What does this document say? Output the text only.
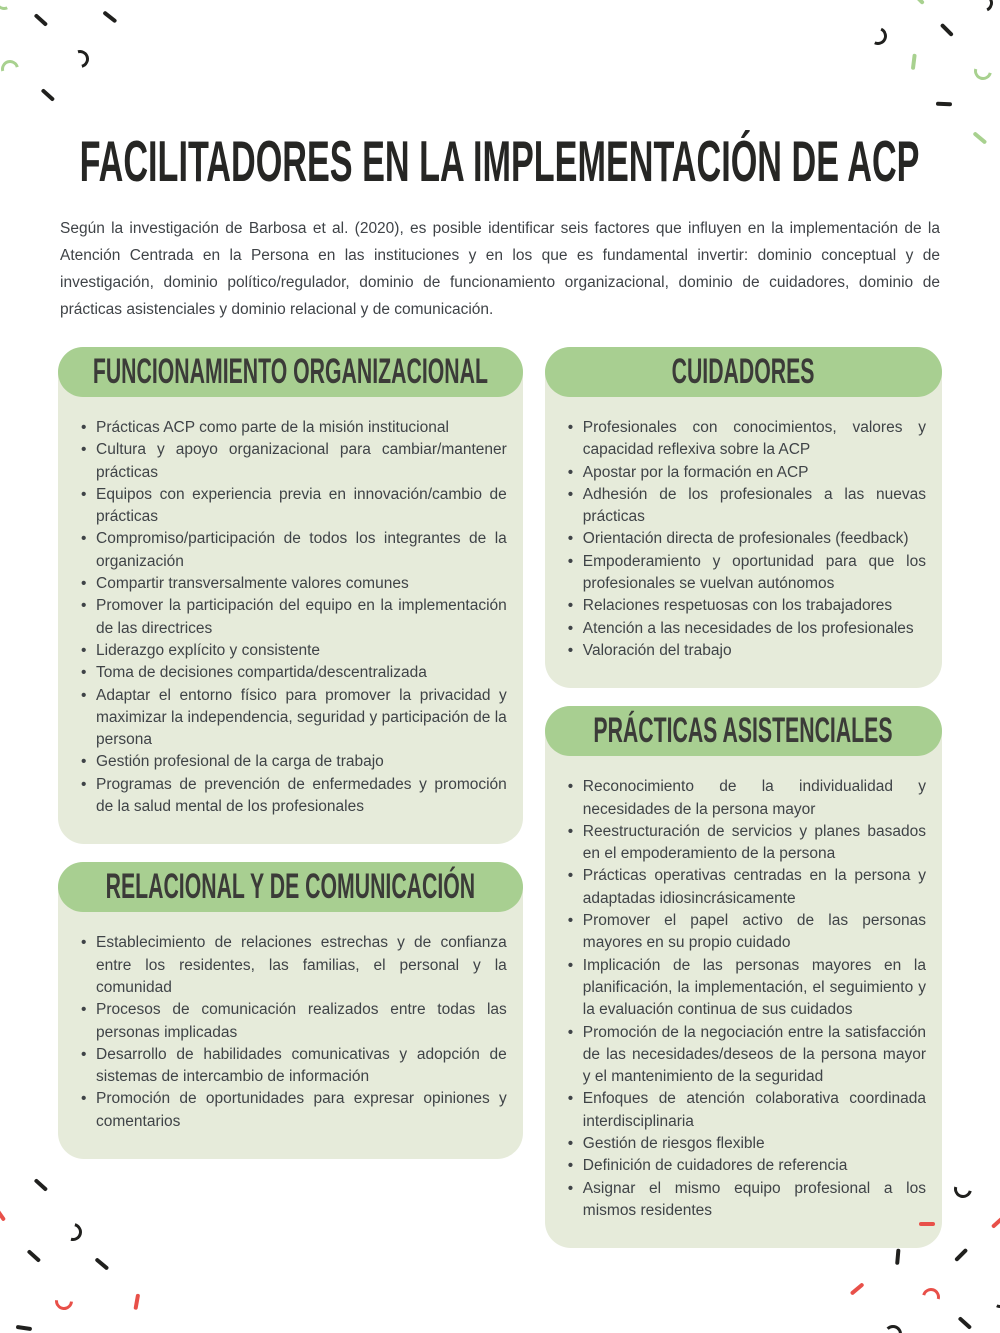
FACILITADORES EN LA IMPLEMENTACIÓN DE ACP

Según la investigación de Barbosa et al. (2020), es posible identificar seis factores que influyen en la implementación de la Atención Centrada en la Persona en las instituciones y en los que es fundamental invertir: dominio conceptual y de investigación, dominio político/regulador, dominio de funcionamiento organizacional, dominio de cuidadores, dominio de prácticas asistenciales y dominio relacional y de comunicación.

FUNCIONAMIENTO ORGANIZACIONAL
• Prácticas ACP como parte de la misión institucional
• Cultura y apoyo organizacional para cambiar/mantener prácticas
• Equipos con experiencia previa en innovación/cambio de prácticas
• Compromiso/participación de todos los integrantes de la organización
• Compartir transversalmente valores comunes
• Promover la participación del equipo en la implementación de las directrices
• Liderazgo explícito y consistente
• Toma de decisiones compartida/descentralizada
• Adaptar el entorno físico para promover la privacidad y maximizar la independencia, seguridad y participación de la persona
• Gestión profesional de la carga de trabajo
• Programas de prevención de enfermedades y promoción de la salud mental de los profesionales
RELACIONAL Y DE COMUNICACIÓN
• Establecimiento de relaciones estrechas y de confianza entre los residentes, las familias, el personal y la comunidad
• Procesos de comunicación realizados entre todas las personas implicadas
• Desarrollo de habilidades comunicativas y adopción de sistemas de intercambio de información
• Promoción de oportunidades para expresar opiniones y comentarios
CUIDADORES
• Profesionales con conocimientos, valores y capacidad reflexiva sobre la ACP
• Apostar por la formación en ACP
• Adhesión de los profesionales a las nuevas prácticas
• Orientación directa de profesionales (feedback)
• Empoderamiento y oportunidad para que los profesionales se vuelvan autónomos
• Relaciones respetuosas con los trabajadores
• Atención a las necesidades de los profesionales
• Valoración del trabajo
PRÁCTICAS ASISTENCIALES
• Reconocimiento de la individualidad y necesidades de la persona mayor
• Reestructuración de servicios y planes basados en el empoderamiento de la persona
• Prácticas operativas centradas en la persona y adaptadas idiosincrásicamente
• Promover el papel activo de las personas mayores en su propio cuidado
• Implicación de las personas mayores en la planificación, la implementación, el seguimiento y la evaluación continua de sus cuidados
• Promoción de la negociación entre la satisfacción de las necesidades/deseos de la persona mayor y el mantenimiento de la seguridad
• Enfoques de atención colaborativa coordinada interdisciplinaria
• Gestión de riesgos flexible
• Definición de cuidadores de referencia
• Asignar el mismo equipo profesional a los mismos residentes
